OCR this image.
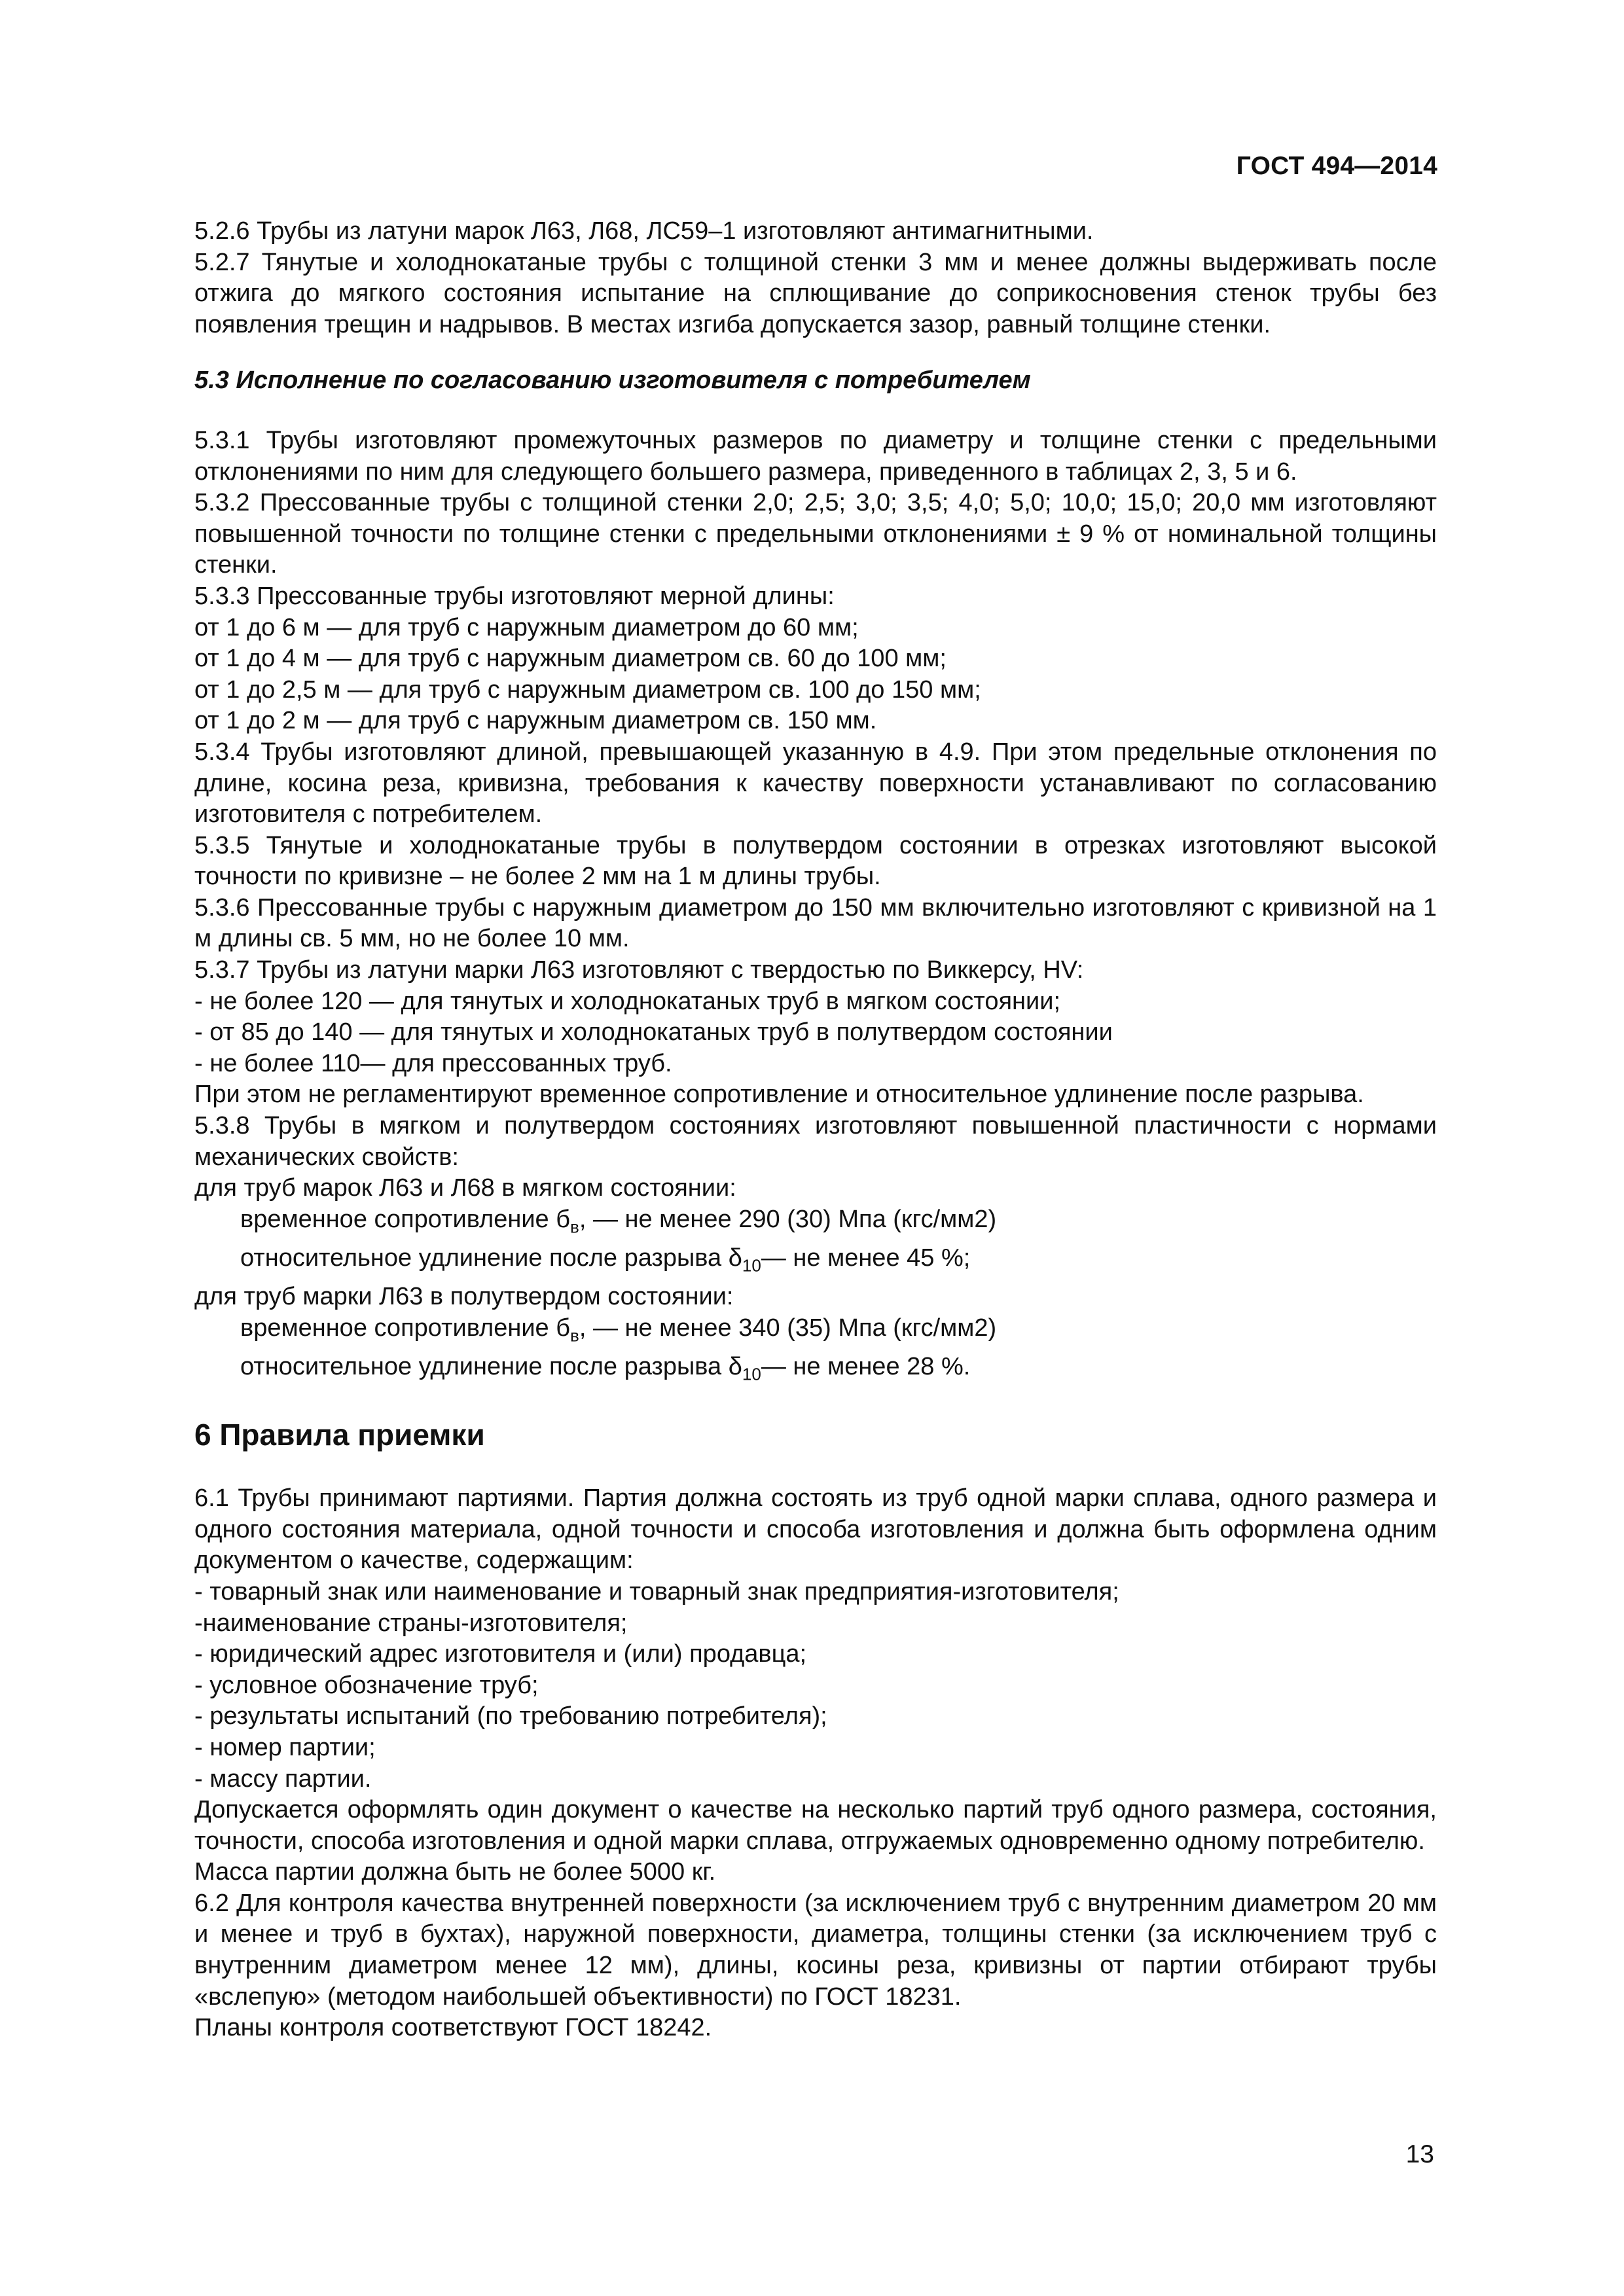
ГОСТ 494—2014

5.2.6 Трубы из латуни марок Л63, Л68, ЛС59–1 изготовляют антимагнитными.

5.2.7 Тянутые и холоднокатаные трубы с толщиной стенки 3 мм и менее должны выдерживать после отжига до мягкого состояния испытание на сплющивание до соприкосновения стенок трубы без появления трещин и надрывов. В местах изгиба допускается зазор, равный толщине стенки.

5.3 Исполнение по согласованию изготовителя с потребителем

5.3.1 Трубы изготовляют промежуточных размеров по диаметру и толщине стенки с предельными отклонениями по ним для следующего большего размера, приведенного в таблицах 2, 3, 5 и 6.

5.3.2 Прессованные трубы с толщиной стенки 2,0; 2,5; 3,0; 3,5; 4,0; 5,0; 10,0; 15,0; 20,0 мм изготовляют повышенной точности по толщине стенки с предельными отклонениями ± 9 % от номинальной толщины стенки.

5.3.3 Прессованные трубы изготовляют мерной длины:

от 1 до 6 м — для труб с наружным диаметром до 60 мм;

от 1 до 4 м — для труб с наружным диаметром св. 60 до 100 мм;

от 1 до 2,5 м — для труб с наружным диаметром св. 100 до 150 мм;

от 1 до 2 м — для труб с наружным диаметром св. 150 мм.

5.3.4 Трубы изготовляют длиной, превышающей указанную в 4.9. При этом предельные отклонения по длине, косина реза, кривизна, требования к качеству поверхности устанавливают по согласованию изготовителя с потребителем.

5.3.5 Тянутые и холоднокатаные трубы в полутвердом состоянии в отрезках изготовляют высокой точности по кривизне – не более 2 мм на 1 м длины трубы.

5.3.6 Прессованные трубы с наружным диаметром до 150 мм включительно изготовляют с кривизной на 1 м длины св. 5 мм, но не более 10 мм.

5.3.7 Трубы из латуни марки Л63 изготовляют с твердостью по Виккерсу, HV:

- не более 120 — для тянутых и холоднокатаных труб в мягком состоянии;

- от 85 до 140 — для тянутых и холоднокатаных труб в полутвердом состоянии

- не более 110— для прессованных труб.

При этом не регламентируют временное сопротивление и относительное удлинение после разрыва.

5.3.8 Трубы в мягком и полутвердом состояниях изготовляют повышенной пластичности с нормами механических свойств:

для труб марок Л63 и Л68 в мягком состоянии:

временное сопротивление $б_в$, — не менее 290 (30) Мпа (кгс/мм2)

относительное удлинение после разрыва $\delta_{10}—$ не менее 45 %;

для труб марки Л63 в полутвердом состоянии:

временное сопротивление $б_в$, — не менее 340 (35) Мпа (кгс/мм2)

относительное удлинение после разрыва $\delta_{10}—$ не менее 28 %.

6 Правила приемки

6.1 Трубы принимают партиями. Партия должна состоять из труб одной марки сплава, одного размера и одного состояния материала, одной точности и способа изготовления и должна быть оформлена одним документом о качестве, содержащим:

- товарный знак или наименование и товарный знак предприятия-изготовителя;

-наименование страны-изготовителя;

- юридический адрес изготовителя и (или) продавца;

- условное обозначение труб;

- результаты испытаний (по требованию потребителя);

- номер партии;

- массу партии.

Допускается оформлять один документ о качестве на несколько партий труб одного размера, состояния, точности, способа изготовления и одной марки сплава, отгружаемых одновременно одному потребителю.

Масса партии должна быть не более 5000 кг.

6.2 Для контроля качества внутренней поверхности (за исключением труб с внутренним диаметром 20 мм и менее и труб в бухтах), наружной поверхности, диаметра, толщины стенки (за исключением труб с внутренним диаметром менее 12 мм), длины, косины реза, кривизны от партии отбирают трубы «вслепую» (методом наибольшей объективности) по ГОСТ 18231.

Планы контроля соответствуют ГОСТ 18242.

13
